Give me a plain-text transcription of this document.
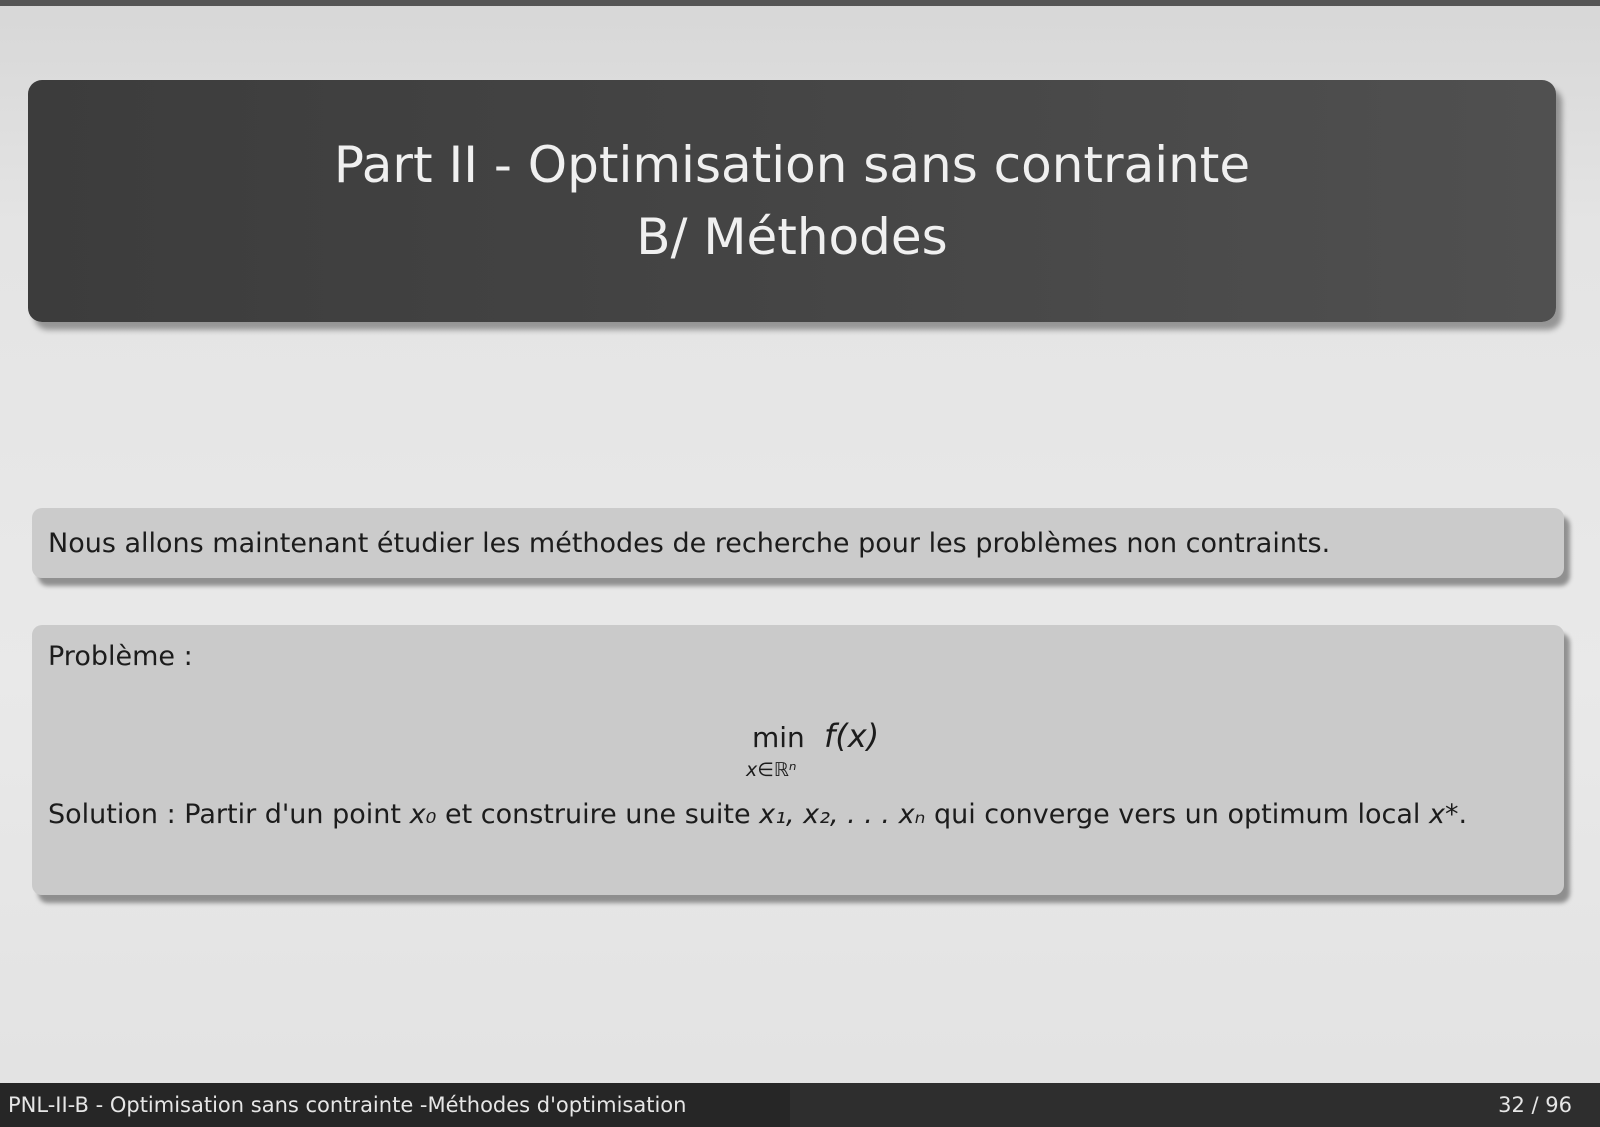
Part II - Optimisation sans contrainte
B/ Méthodes
Nous allons maintenant étudier les méthodes de recherche pour les problèmes non contraints.
Problème :
min
x∈ℝⁿ
f(x)
Solution : Partir d'un point x₀ et construire une suite x₁, x₂, . . . xₙ qui converge vers un optimum local x*.
PNL-II-B - Optimisation sans contrainte -Méthodes d'optimisation	32 / 96
